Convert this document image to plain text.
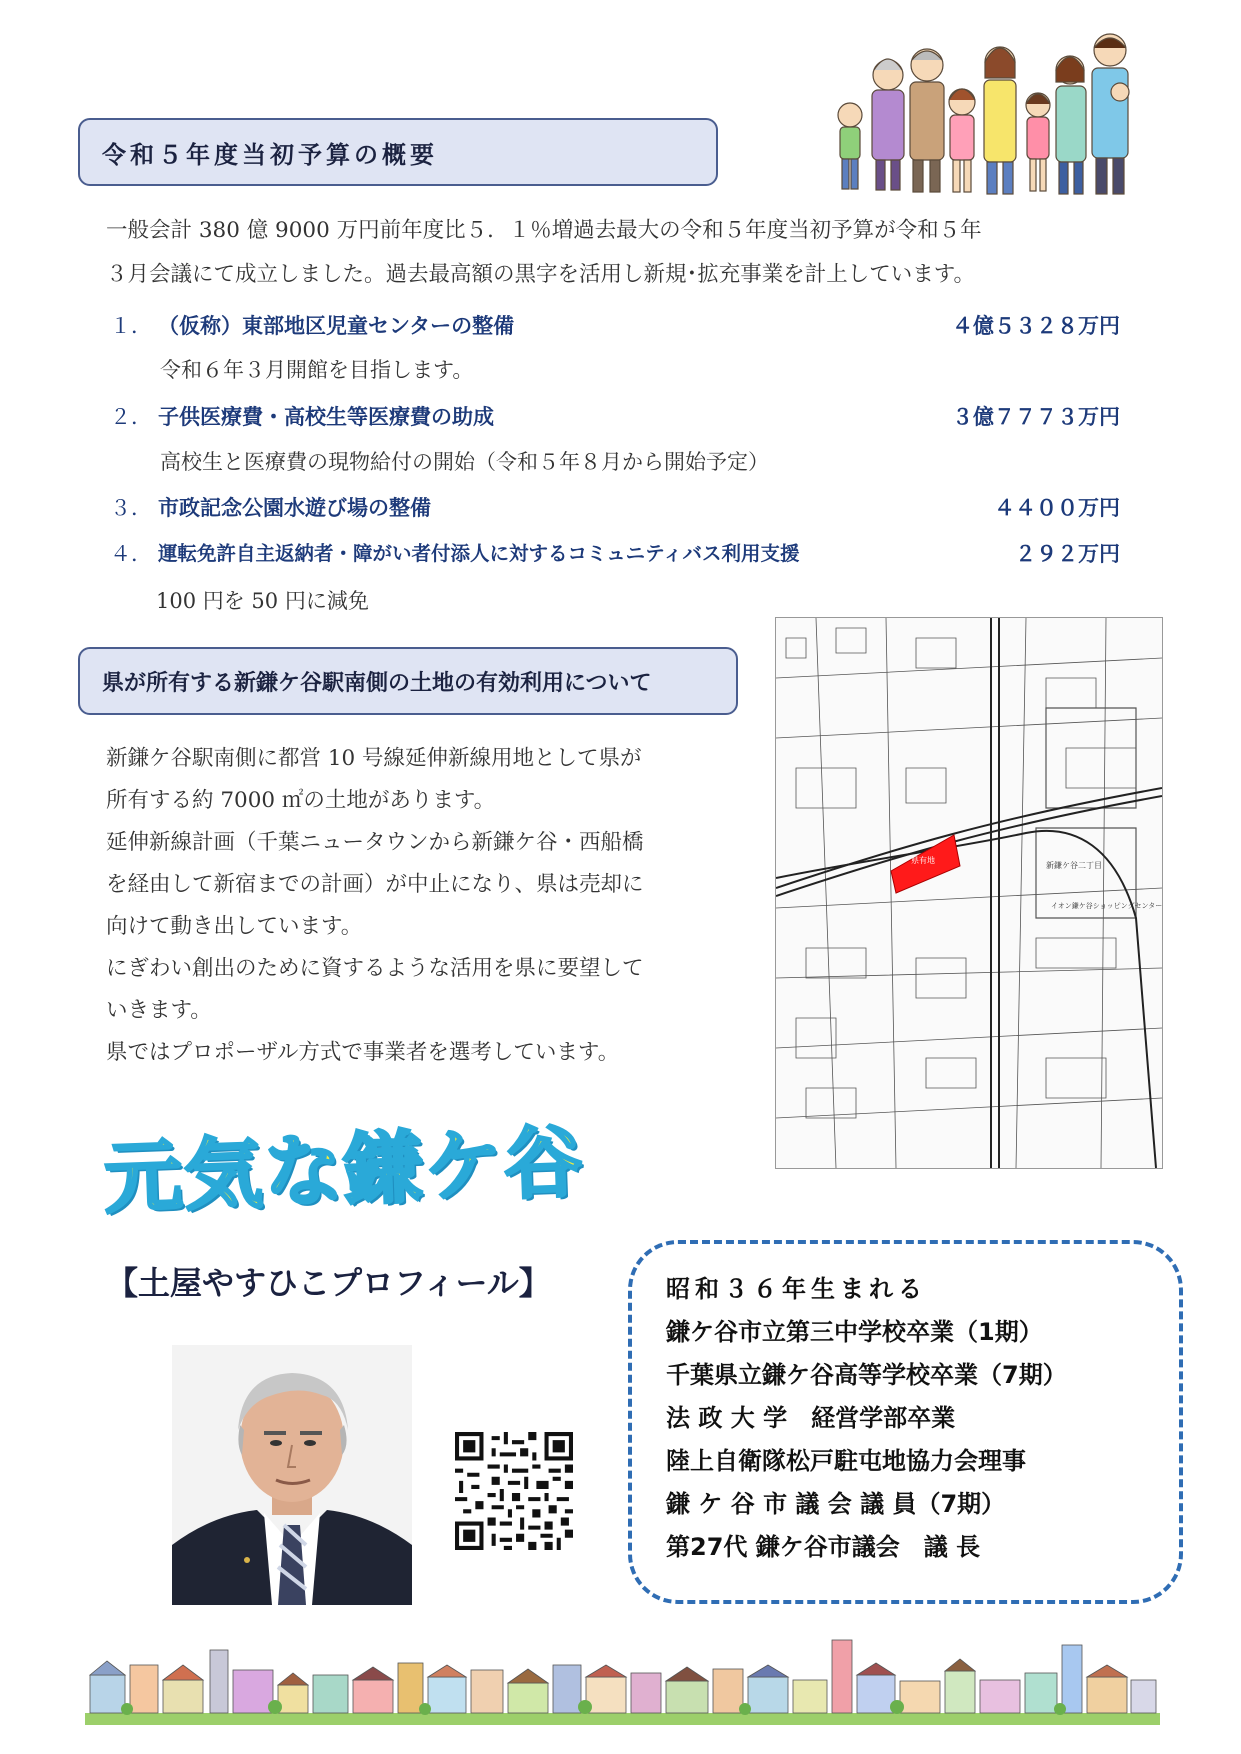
令和５年度当初予算の概要
一般会計 380 億 9000 万円前年度比５．１％増過去最大の令和５年度当初予算が令和５年
３月会議にて成立しました。過去最高額の黒字を活用し新規･拡充事業を計上しています。
１． （仮称）東部地区児童センターの整備	４億５３２８万円
令和６年３月開館を目指します。
２． 子供医療費・高校生等医療費の助成	３億７７７３万円
高校生と医療費の現物給付の開始（令和５年８月から開始予定）
３． 市政記念公園水遊び場の整備	４４００万円
４． 運転免許自主返納者・障がい者付添人に対するコミュニティバス利用支援	２９２万円
100 円を 50 円に減免
県が所有する新鎌ケ谷駅南側の土地の有効利用について
新鎌ケ谷駅南側に都営 10 号線延伸新線用地として県が
所有する約 7000 ㎡の土地があります。
延伸新線計画（千葉ニュータウンから新鎌ケ谷・西船橋
を経由して新宿までの計画）が中止になり、県は売却に
向けて動き出しています。
にぎわい創出のために資するような活用を県に要望して
いきます。
県ではプロポーザル方式で事業者を選考しています。
県有地
新鎌ケ谷二丁目
イオン鎌ケ谷ショッピングセンター
元気な鎌ケ谷
【土屋やすひこプロフィール】	昭和３６年生まれる
鎌ケ谷市立第三中学校卒業（1期）
千葉県立鎌ケ谷高等学校卒業（7期）
法 政 大 学　経営学部卒業
陸上自衛隊松戸駐屯地協力会理事
鎌 ケ 谷 市 議 会 議 員（7期）
第27代 鎌ケ谷市議会　議 長
